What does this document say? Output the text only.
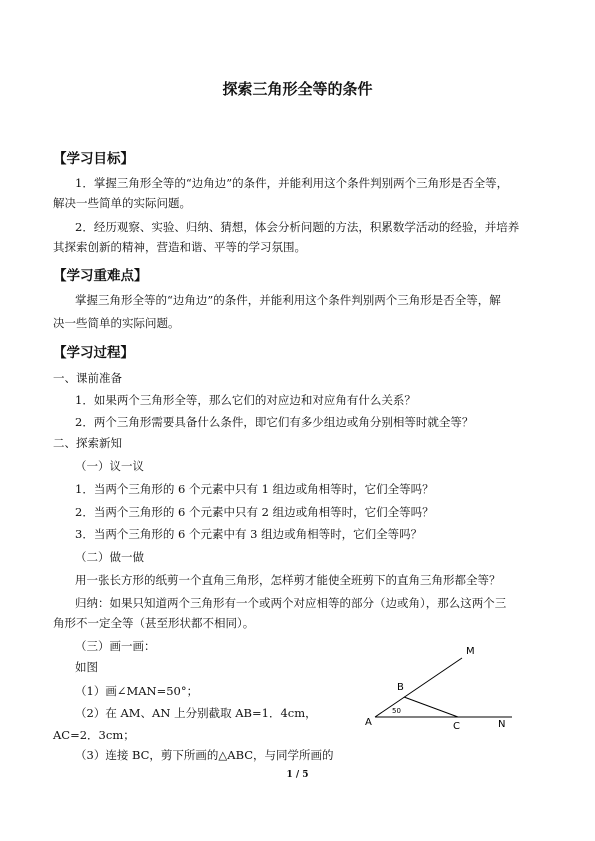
探索三角形全等的条件
【学习目标】
1．掌握三角形全等的“边角边”的条件，并能利用这个条件判别两个三角形是否全等，
解决一些简单的实际问题。
2．经历观察、实验、归纳、猜想，体会分析问题的方法，积累数学活动的经验，并培养
其探索创新的精神，营造和谐、平等的学习氛围。
【学习重难点】
掌握三角形全等的“边角边”的条件，并能利用这个条件判别两个三角形是否全等，解
决一些简单的实际问题。
【学习过程】
一、课前准备
1．如果两个三角形全等，那么它们的对应边和对应角有什么关系？
2．两个三角形需要具备什么条件，即它们有多少组边或角分别相等时就全等？
二、探索新知
（一）议一议
1．当两个三角形的 6 个元素中只有 1 组边或角相等时，它们全等吗？
2．当两个三角形的 6 个元素中只有 2 组边或角相等时，它们全等吗？
3．当两个三角形的 6 个元素中有 3 组边或角相等时，它们全等吗？
（二）做一做
用一张长方形的纸剪一个直角三角形，怎样剪才能使全班剪下的直角三角形都全等？
归纳：如果只知道两个三角形有一个或两个对应相等的部分（边或角），那么这两个三
角形不一定全等（甚至形状都不相同）。
（三）画一画：
如图
（1）画∠MAN=50°；
（2）在 AM、AN 上分别截取 AB=1．4cm，
AC=2．3cm；
（3）连接 BC，剪下所画的△ABC，与同学所画的
M
B
A	C	N
50
1 / 5
